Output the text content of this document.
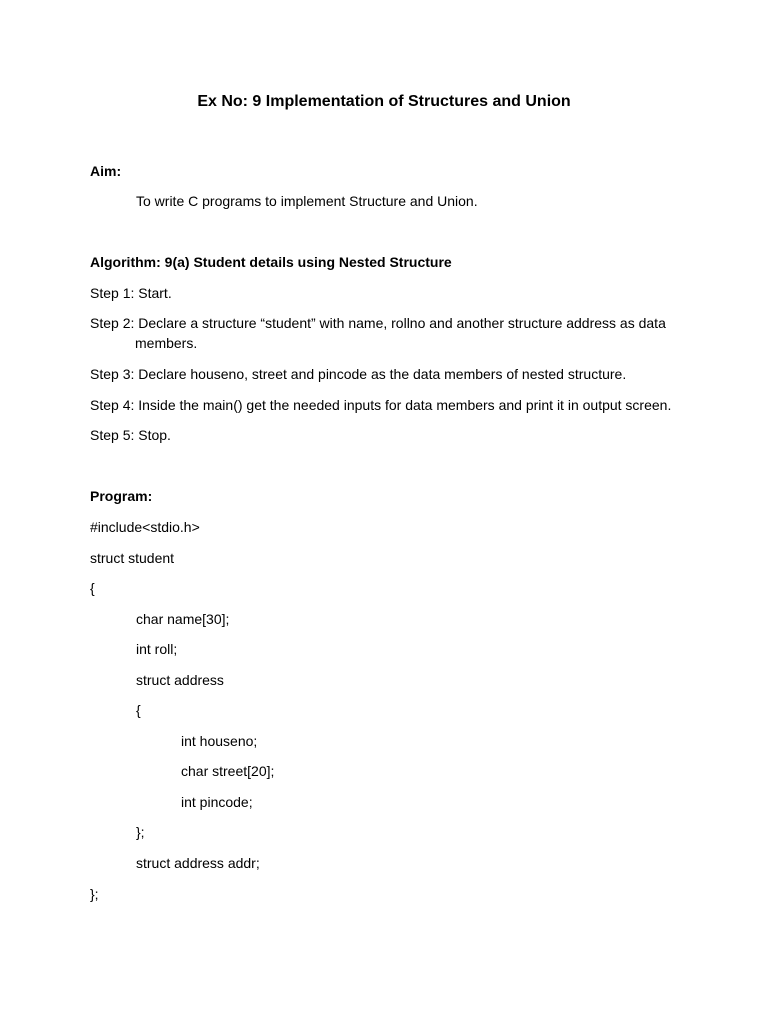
Ex No: 9 Implementation of Structures and Union
Aim:
To write C programs to implement Structure and Union.
Algorithm: 9(a) Student details using Nested Structure
Step 1: Start.
Step 2: Declare a structure “student” with name, rollno and another structure address as data
members.
Step 3: Declare houseno, street and pincode as the data members of nested structure.
Step 4: Inside the main() get the needed inputs for data members and print it in output screen.
Step 5: Stop.
Program:
#include<stdio.h>
struct student
{
char name[30];
int roll;
struct address
{
int houseno;
char street[20];
int pincode;
};
struct address addr;
};
